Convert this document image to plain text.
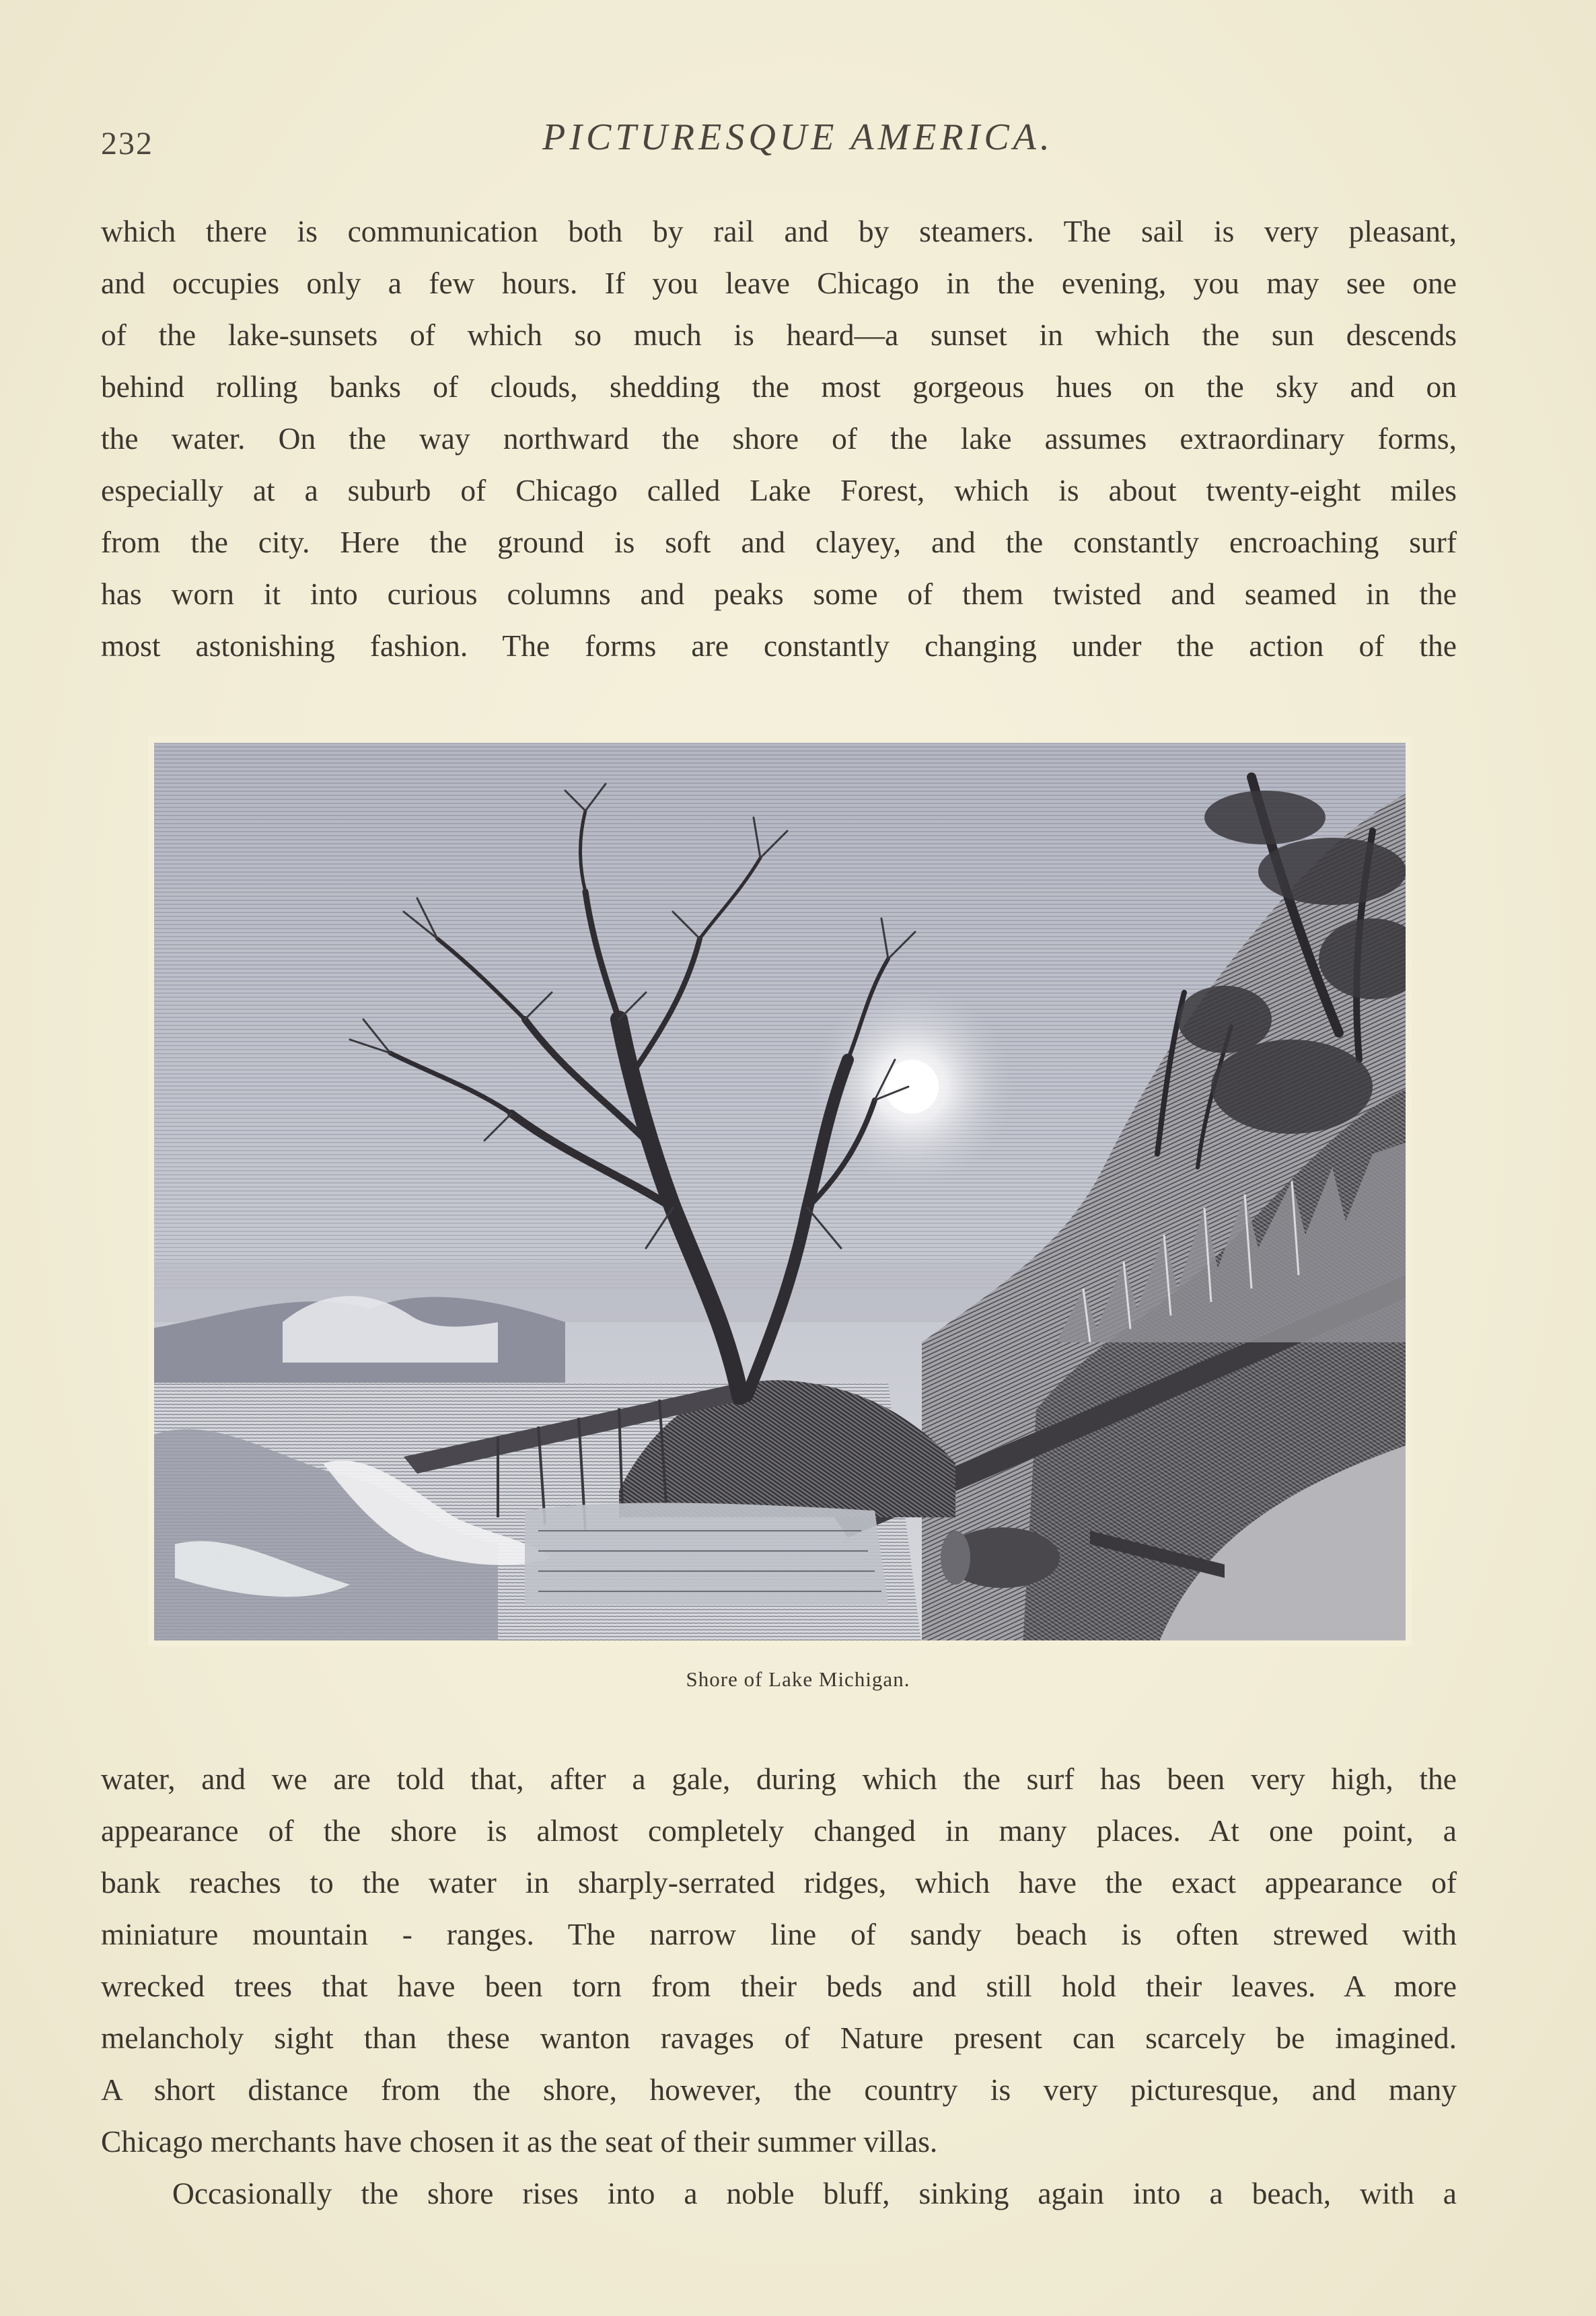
232	PICTURESQUE AMERICA.
which there is communication both by rail and by steamers. The sail is very pleasant,
and occupies only a few hours. If you leave Chicago in the evening, you may see one
of the lake-sunsets of which so much is heard—a sunset in which the sun descends
behind rolling banks of clouds, shedding the most gorgeous hues on the sky and on
the water. On the way northward the shore of the lake assumes extraordinary forms,
especially at a suburb of Chicago called Lake Forest, which is about twenty-eight miles
from the city. Here the ground is soft and clayey, and the constantly encroaching surf
has worn it into curious columns and peaks some of them twisted and seamed in the
most astonishing fashion. The forms are constantly changing under the action of the
Shore of Lake Michigan.
water, and we are told that, after a gale, during which the surf has been very high, the
appearance of the shore is almost completely changed in many places. At one point, a
bank reaches to the water in sharply-serrated ridges, which have the exact appearance of
miniature mountain - ranges. The narrow line of sandy beach is often strewed with
wrecked trees that have been torn from their beds and still hold their leaves. A more
melancholy sight than these wanton ravages of Nature present can scarcely be imagined.
A short distance from the shore, however, the country is very picturesque, and many
Chicago merchants have chosen it as the seat of their summer villas.
Occasionally the shore rises into a noble bluff, sinking again into a beach, with a
